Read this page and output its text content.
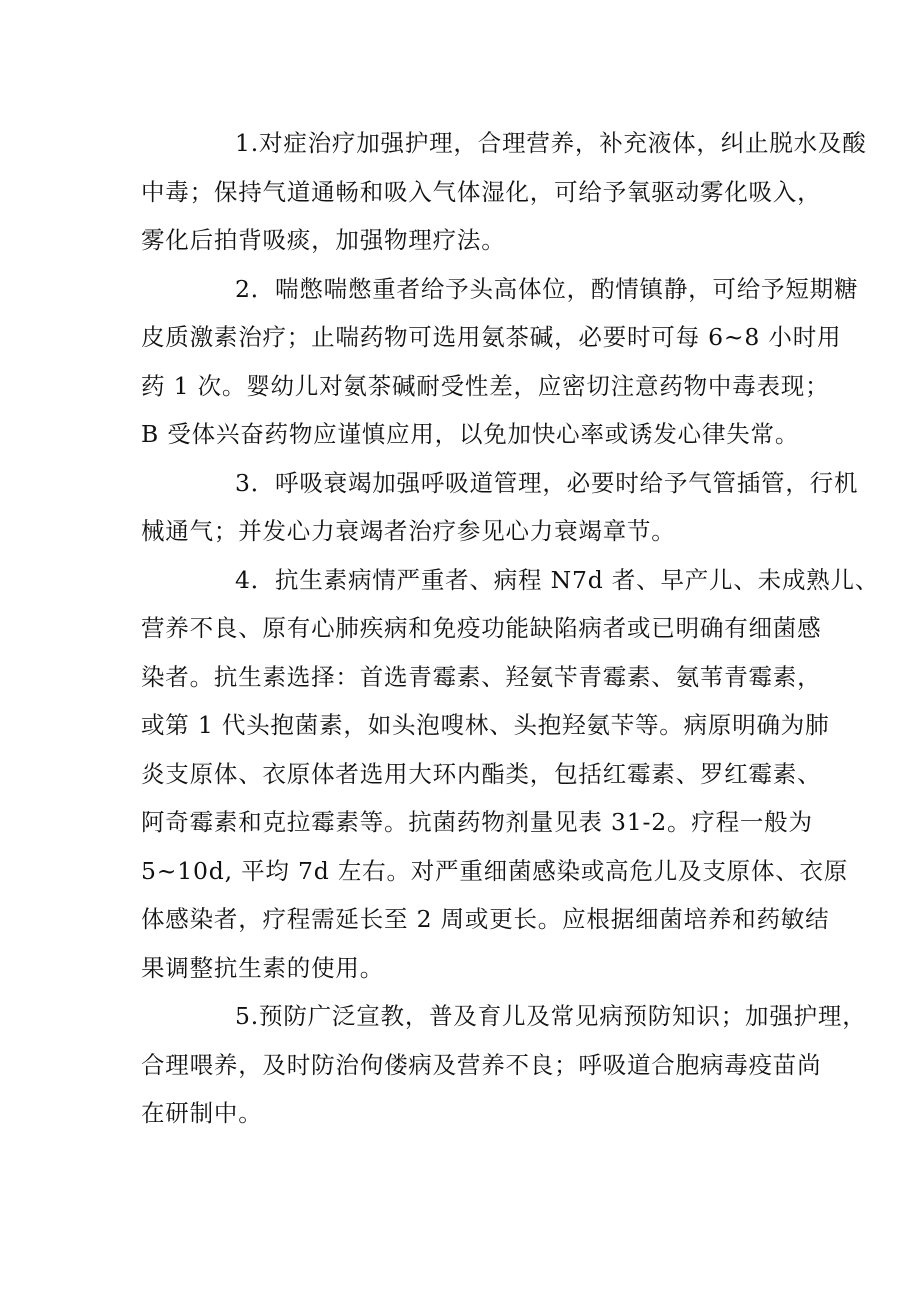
1.对症治疗加强护理，合理营养，补充液体，纠止脱水及酸
中毒；保持气道通畅和吸入气体湿化，可给予氧驱动雾化吸入，
雾化后拍背吸痰，加强物理疗法。

2．喘憋喘憋重者给予头高体位，酌情镇静，可给予短期糖
皮质激素治疗；止喘药物可选用氨茶碱，必要时可每 6~8 小时用
药 1 次。婴幼儿对氨茶碱耐受性差，应密切注意药物中毒表现；
B 受体兴奋药物应谨慎应用，以免加快心率或诱发心律失常。

3．呼吸衰竭加强呼吸道管理，必要时给予气管插管，行机
械通气；并发心力衰竭者治疗参见心力衰竭章节。

4．抗生素病情严重者、病程 N7d 者、早产儿、未成熟儿、
营养不良、原有心肺疾病和免疫功能缺陷病者或已明确有细菌感
染者。抗生素选择：首选青霉素、羟氨苄青霉素、氨苇青霉素，
或第 1 代头抱菌素，如头泡嗖林、头抱羟氨苄等。病原明确为肺
炎支原体、衣原体者选用大环内酯类，包括红霉素、罗红霉素、
阿奇霉素和克拉霉素等。抗菌药物剂量见表 31-2。疗程一般为
5~10d, 平均 7d 左右。对严重细菌感染或高危儿及支原体、衣原
体感染者，疗程需延长至 2 周或更长。应根据细菌培养和药敏结
果调整抗生素的使用。

5.预防广泛宣教，普及育儿及常见病预防知识；加强护理，
合理喂养，及时防治佝偻病及营养不良；呼吸道合胞病毒疫苗尚
在研制中。
